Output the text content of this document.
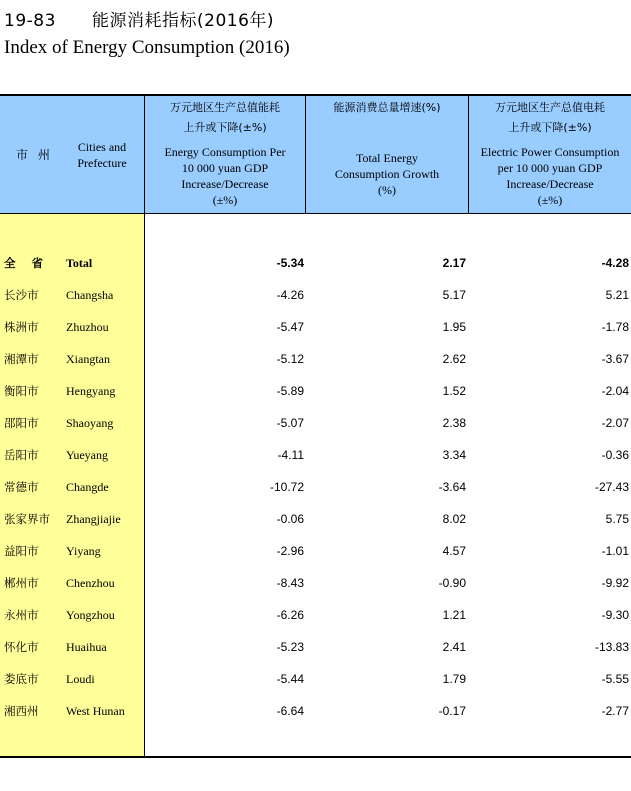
19-83 能源消耗指标(2016年)
Index of Energy Consumption (2016)
市 州
Cities and
Prefecture
万元地区生产总值能耗
上升或下降(±%)
Energy Consumption Per
10 000 yuan GDP
Increase/Decrease
(±%)
能源消费总量增速(%)
Total Energy
Consumption Growth
(%)
万元地区生产总值电耗
上升或下降(±%)
Electric Power Consumption
per 10 000 yuan GDP
Increase/Decrease
(±%)
全 省 Total	-5.34	2.17	-4.28
长沙市 Changsha	-4.26	5.17	5.21
株洲市 Zhuzhou	-5.47	1.95	-1.78
湘潭市 Xiangtan	-5.12	2.62	-3.67
衡阳市 Hengyang	-5.89	1.52	-2.04
邵阳市 Shaoyang	-5.07	2.38	-2.07
岳阳市 Yueyang	-4.11	3.34	-0.36
常德市 Changde	-10.72	-3.64	-27.43
张家界市 Zhangjiajie	-0.06	8.02	5.75
益阳市 Yiyang	-2.96	4.57	-1.01
郴州市 Chenzhou	-8.43	-0.90	-9.92
永州市 Yongzhou	-6.26	1.21	-9.30
怀化市 Huaihua	-5.23	2.41	-13.83
娄底市 Loudi	-5.44	1.79	-5.55
湘西州 West Hunan	-6.64	-0.17	-2.77
